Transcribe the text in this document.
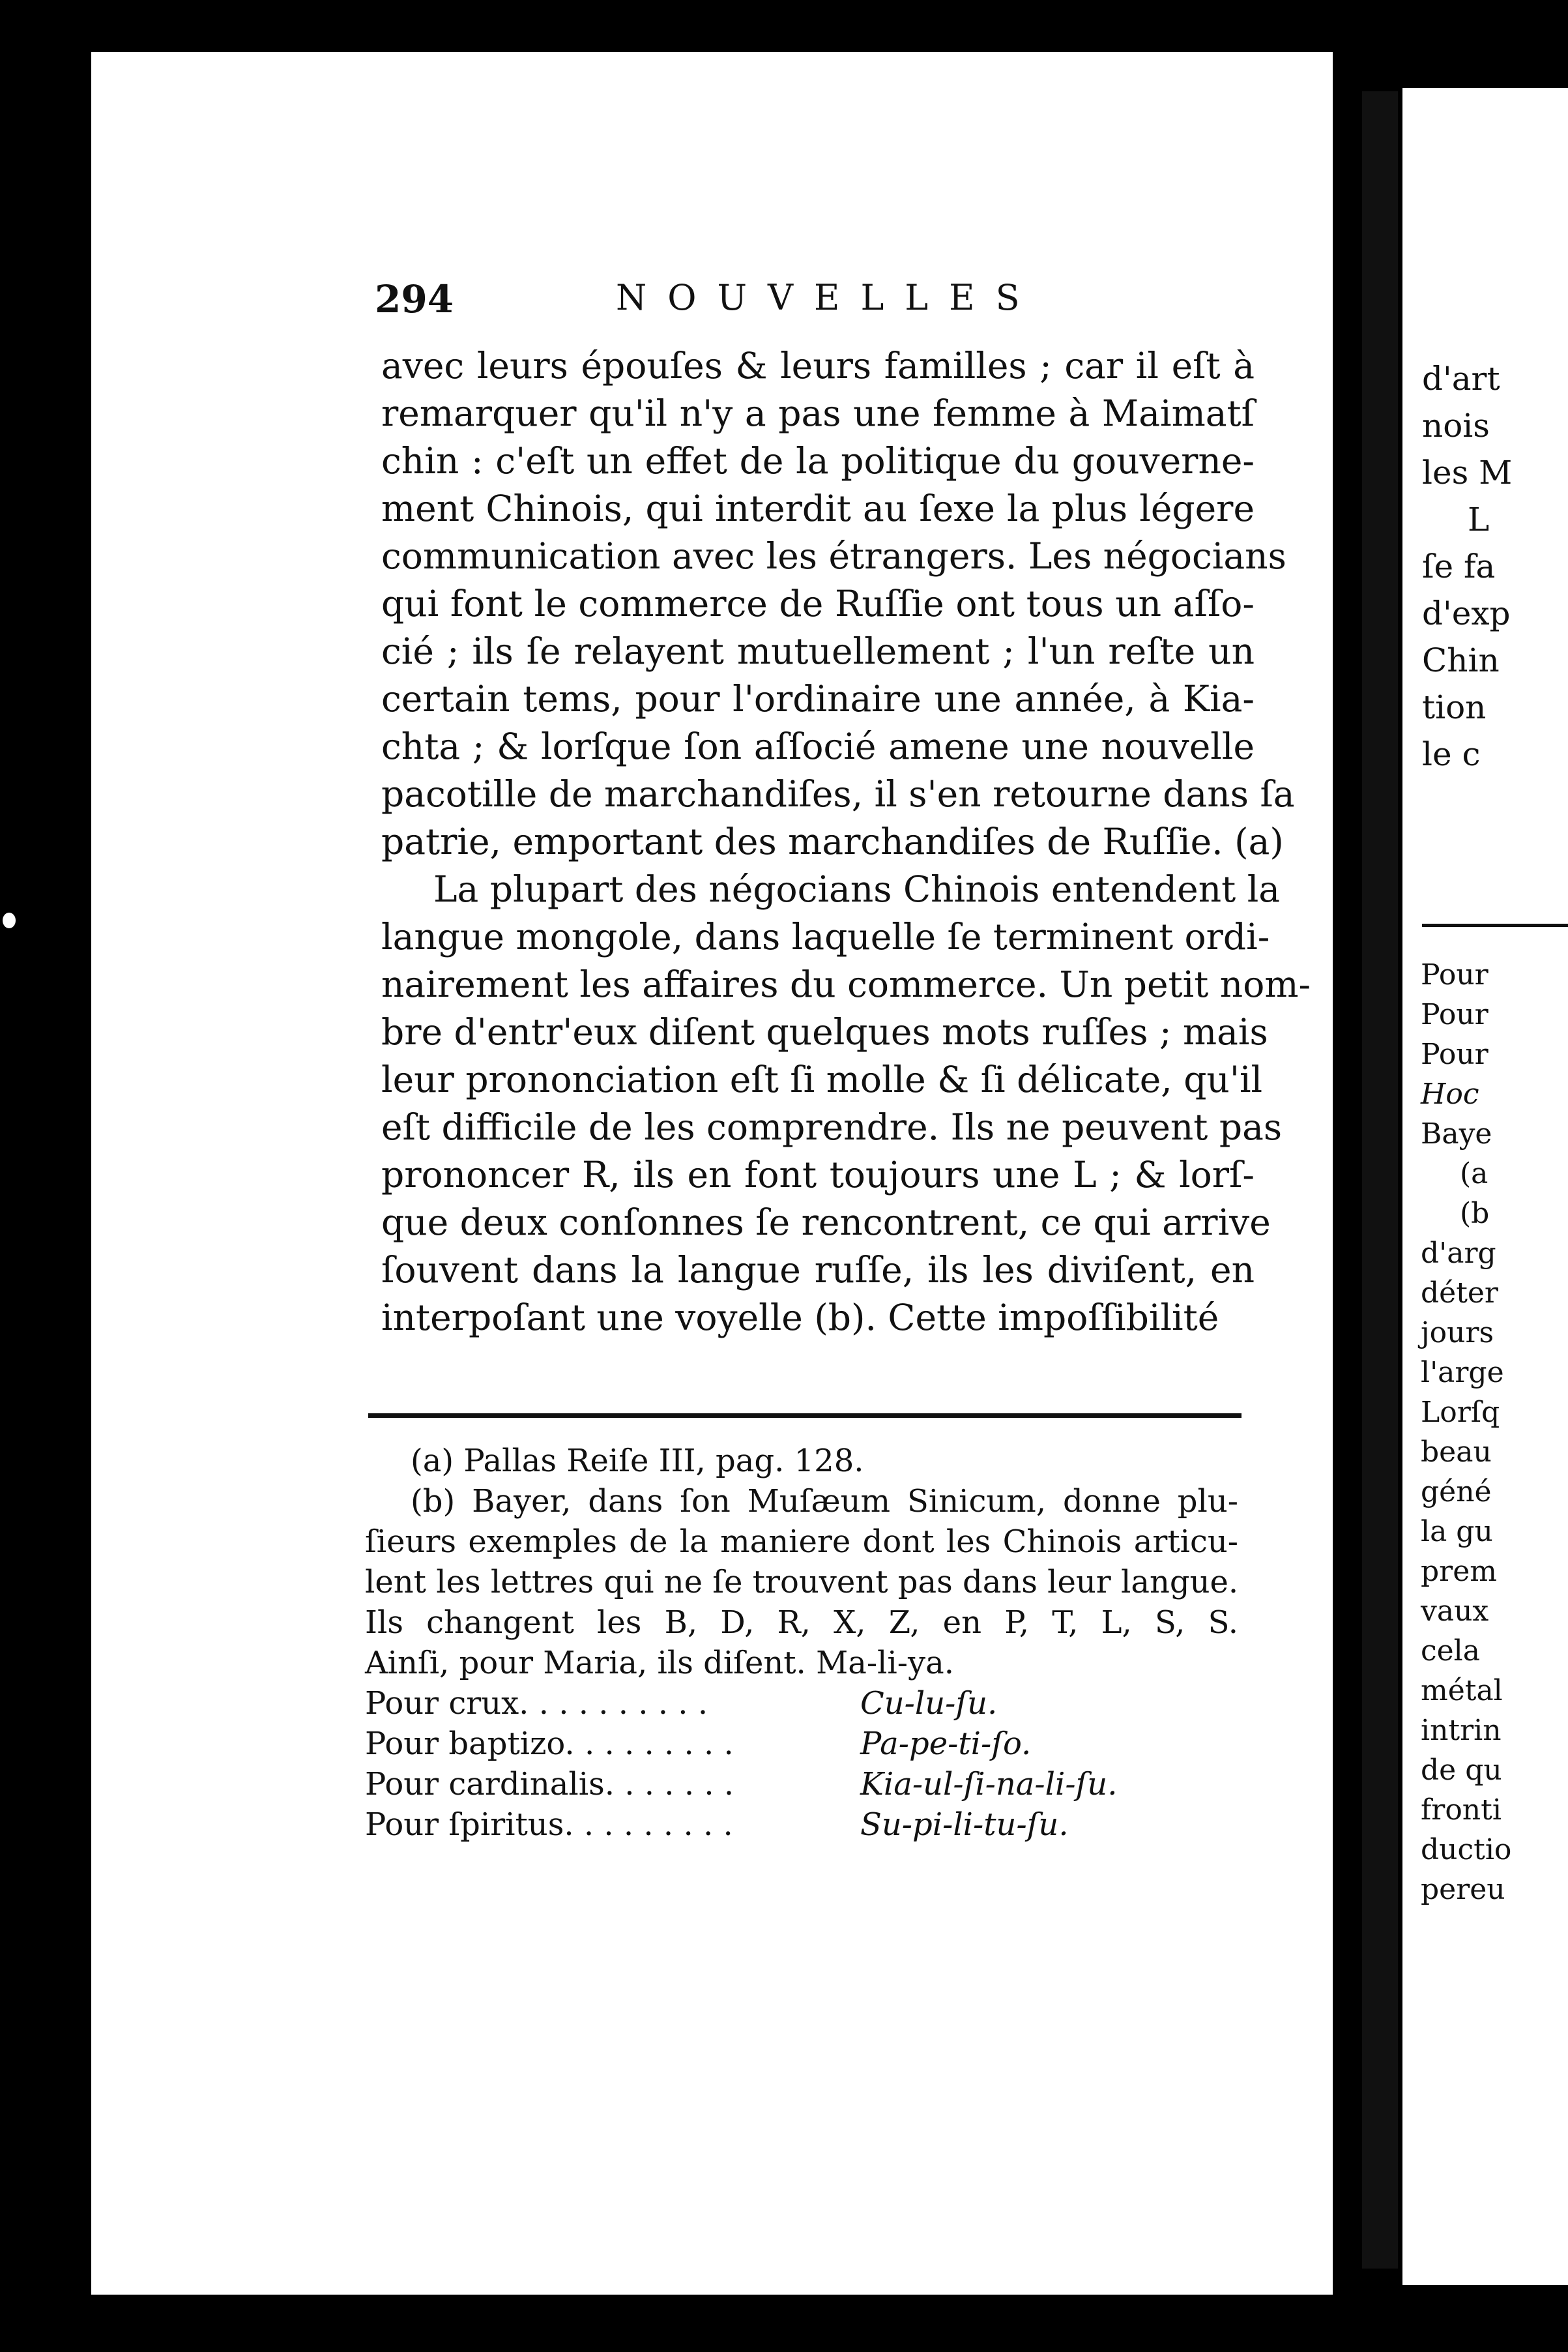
d'art
nois
les M
L
ſe fa
d'exp
Chin
tion
le c
Pour
Pour
Pour
Hoc
Baye
(a
(b
d'arg
déter
jours
l'arge
Lorſq
beau
géné
la gu
prem
vaux
cela
métal
intrin
de qu
fronti
ductio
pereu
294	NOUVELLES
avec leurs épouſes & leurs familles ; car il eſt à
remarquer qu'il n'y a pas une femme à Maimatſ
chin : c'eſt un effet de la politique du gouverne-
ment Chinois, qui interdit au ſexe la plus légere
communication avec les étrangers. Les négocians
qui font le commerce de Ruſſie ont tous un aſſo-
cié ; ils ſe relayent mutuellement ; l'un reſte un
certain tems, pour l'ordinaire une année, à Kia-
chta ; & lorſque ſon aſſocié amene une nouvelle
pacotille de marchandiſes, il s'en retourne dans ſa
patrie, emportant des marchandiſes de Ruſſie. (a)
La plupart des négocians Chinois entendent la
langue mongole, dans laquelle ſe terminent ordi-
nairement les affaires du commerce. Un petit nom-
bre d'entr'eux diſent quelques mots ruſſes ; mais
leur prononciation eſt ſi molle & ſi délicate, qu'il
eſt difficile de les comprendre. Ils ne peuvent pas
prononcer R, ils en font toujours une L ; & lorſ-
que deux conſonnes ſe rencontrent, ce qui arrive
ſouvent dans la langue ruſſe, ils les diviſent, en
interpoſant une voyelle (b). Cette impoſſibilité
(a) Pallas Reiſe III, pag. 128.
(b) Bayer, dans ſon Muſæum Sinicum, donne plu-
ſieurs exemples de la maniere dont les Chinois articu-
lent les lettres qui ne ſe trouvent pas dans leur langue.
Ils changent les B, D, R, X, Z, en P, T, L, S, S.
Ainſi, pour Maria, ils diſent. Ma-li-ya.
Pour crux. . . . . . . . . .	Cu-lu-ſu.
Pour baptizo. . . . . . . . .	Pa-pe-ti-ſo.
Pour cardinalis. . . . . . .	Kia-ul-ſi-na-li-ſu.
Pour ſpiritus. . . . . . . . .	Su-pi-li-tu-ſu.
